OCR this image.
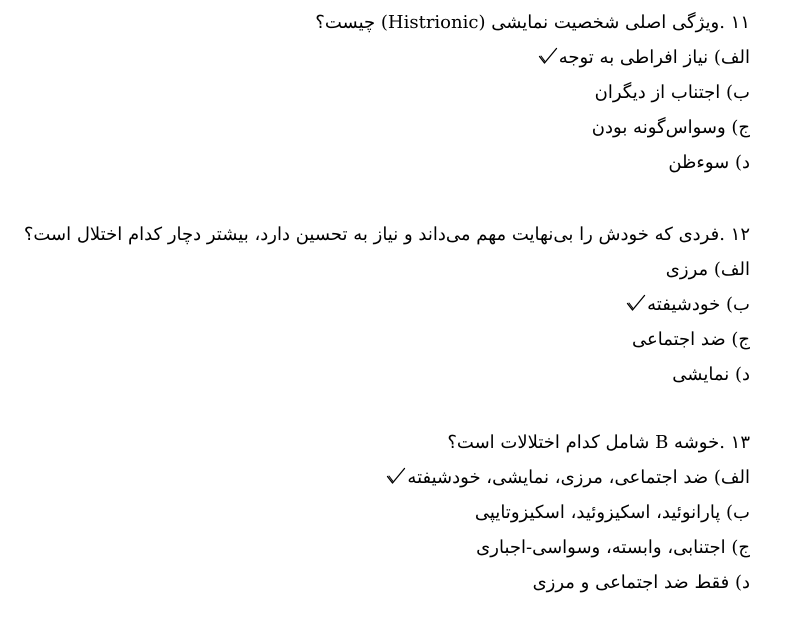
۱۱ .ویژگی اصلی شخصیت نمایشی (Histrionic) چیست؟
الف) نیاز افراطی به توجه
ب) اجتناب از دیگران
ج) وسواس‌گونه بودن
د) سوءظن
۱۲ .فردی که خودش را بی‌نهایت مهم می‌داند و نیاز به تحسین دارد، بیشتر دچار کدام اختلال است؟
الف) مرزی
ب) خودشیفته
ج) ضد اجتماعی
د) نمایشی
۱۳ .خوشه B شامل کدام اختلالات است؟
الف) ضد اجتماعی، مرزی، نمایشی، خودشیفته
ب) پارانوئید، اسکیزوئید، اسکیزوتایپی
ج) اجتنابی، وابسته، وسواسی-اجباری
د) فقط ضد اجتماعی و مرزی
